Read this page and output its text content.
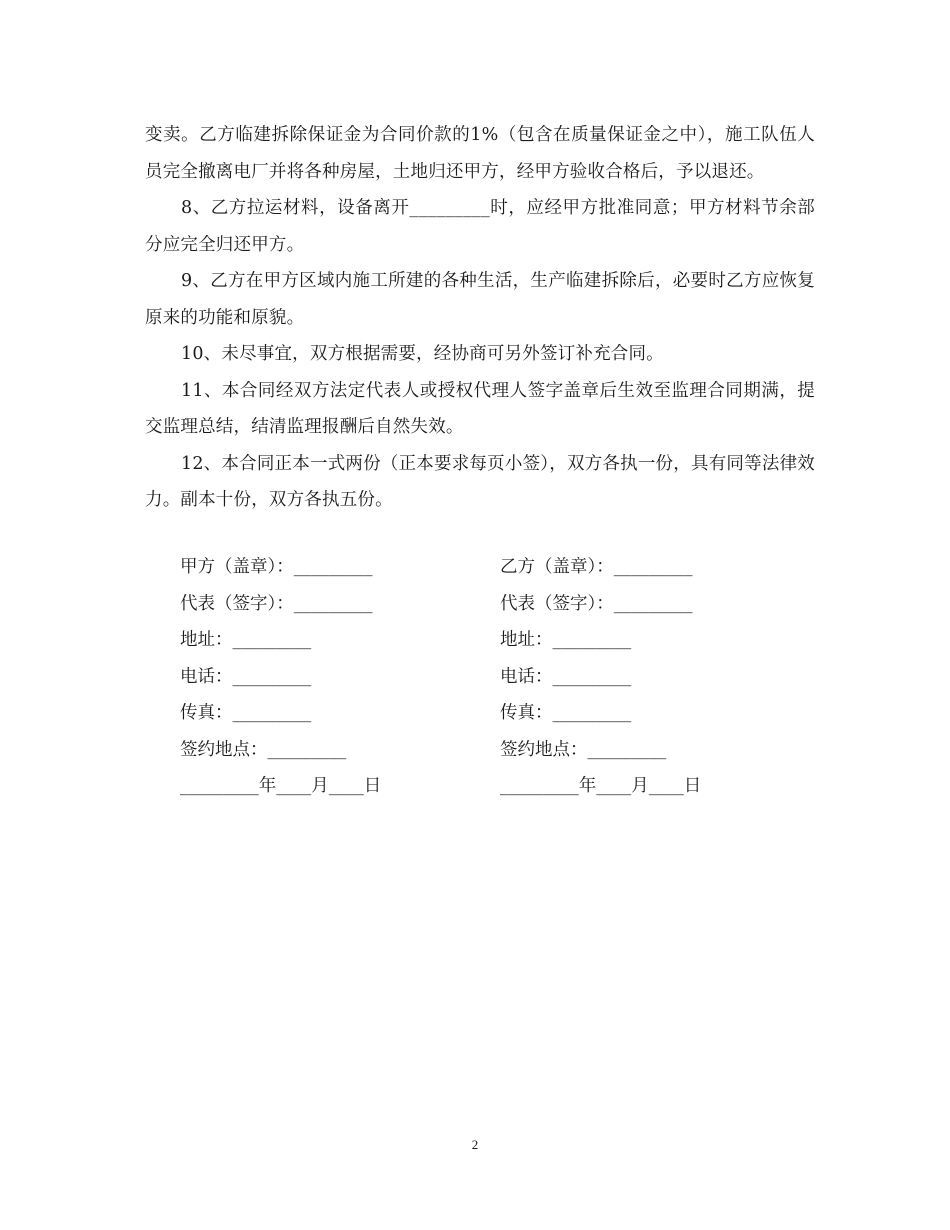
变卖。乙方临建拆除保证金为合同价款的1%（包含在质量保证金之中），施工队伍人员完全撤离电厂并将各种房屋，土地归还甲方，经甲方验收合格后，予以退还。

8、乙方拉运材料，设备离开_________时，应经甲方批准同意；甲方材料节余部分应完全归还甲方。

9、乙方在甲方区域内施工所建的各种生活，生产临建拆除后，必要时乙方应恢复原来的功能和原貌。

10、未尽事宜，双方根据需要，经协商可另外签订补充合同。

11、本合同经双方法定代表人或授权代理人签字盖章后生效至监理合同期满，提交监理总结，结清监理报酬后自然失效。

12、本合同正本一式两份（正本要求每页小签），双方各执一份，具有同等法律效力。副本十份，双方各执五份。

甲方（盖章）：_________	乙方（盖章）：_________
代表（签字）：_________	代表（签字）：_________
地址：_________	地址：_________
电话：_________	电话：_________
传真：_________	传真：_________
签约地点：_________	签约地点：_________
_________年____月____日	_________年____月____日
2
